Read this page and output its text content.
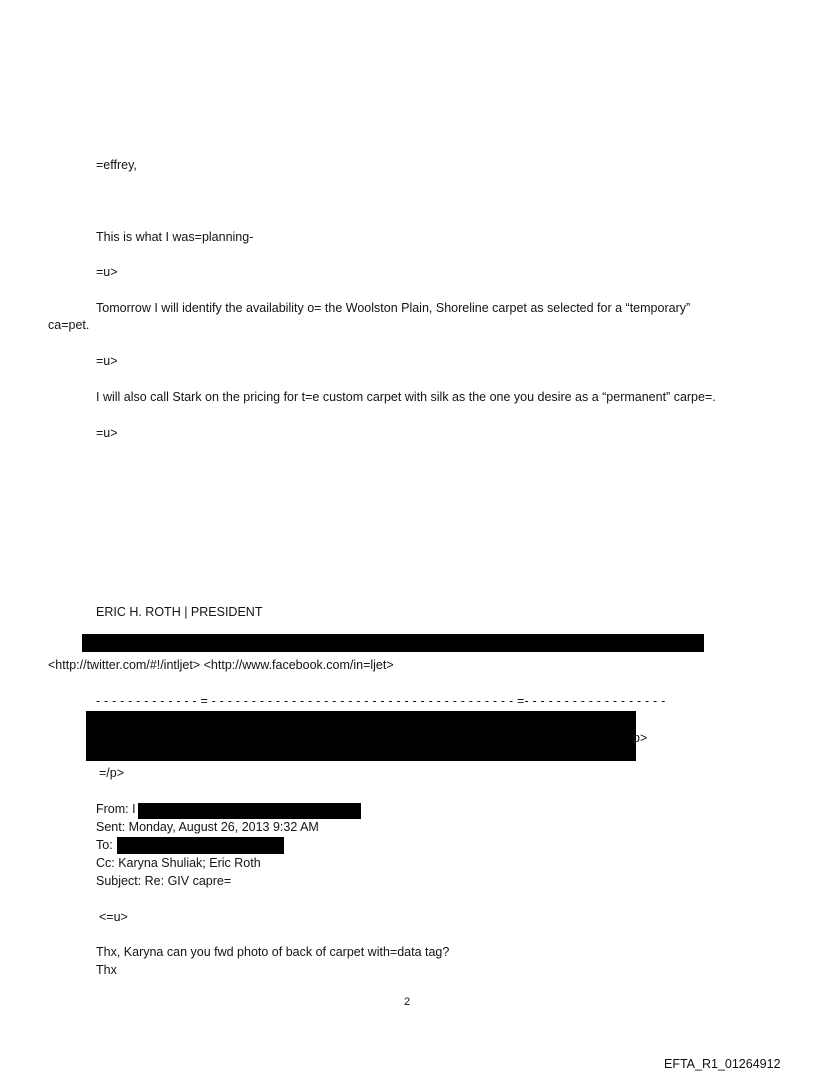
=effrey,
This is what I was=planning-
=u>
Tomorrow I will identify the availability o= the Woolston Plain, Shoreline carpet as selected for a “temporary”
ca=pet.
=u>
I will also call Stark on the pricing for t=e custom carpet with silk as the one you desire as a “permanent” carpe=.
=u>
ERIC H. ROTH | PRESIDENT
<http://twitter.com/#!/intljet> <http://www.facebook.com/in=ljet>
- - - - - - - - - - - - - = - - - - - - - - - - - - - - - - - - - - - - - - - - - - - - - - - - - - - - =- - - - - - - - - - - - - - - - - -
p>
=/p>
From: I
Sent: Monday, August 26, 2013 9:32 AM
To:
Cc: Karyna Shuliak; Eric Roth
Subject: Re: GIV capre=
<=u>
Thx, Karyna can you fwd photo of back of carpet with=data tag?
Thx
2
EFTA_R1_01264912
